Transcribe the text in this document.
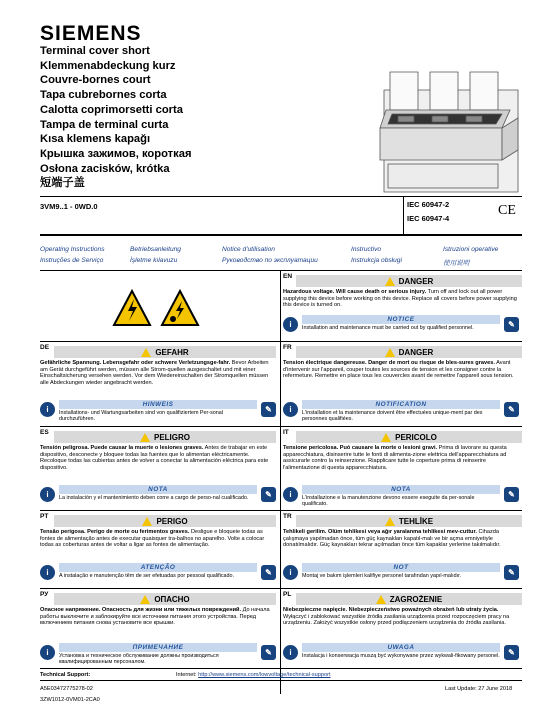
SIEMENS
Terminal cover short
Klemmenabdeckung kurz
Couvre-bornes court
Tapa cubrebornes corta
Calotta coprimorsetti corta
Tampa de terminal curta
Kısa klemens kapağı
Крышка зажимов, короткая
Osłona zacisków, krótka
短端子盖
3VM9..1 - 0WD.0	IEC 60947-2
IEC 60947-4
CE
Operating Instructions	Betriebsanleitung	Notice d'utilisation	Instructivo	Istruzioni operative
Instruções de Serviço	İşletme kılavuzu	Руководство по эксплуатации	Instrukcja obsługi	使用说明
EN	DANGER
Hazardous voltage. Will cause death or serious injury. Turn off and lock out all power supplying this device before working on this device. Replace all covers before power supplying this device is turned on.
i
NOTICE
Installation and maintenance must be carried out by qualified personnel.	✎
DE	GEFAHR
Gefährliche Spannung. Lebensgefahr oder schwere Verletzungsge-fahr. Bevor Arbeiten am Gerät durchgeführt werden, müssen alle Strom-quellen ausgeschaltet und mit einer Einschaltsicherung versehen werden. Vor dem Wiedereinschalten der Stromquellen müssen alle Abdeckungen wieder angebracht werden.
i
HINWEIS
Installations- und Wartungsarbeiten sind von qualifiziertem Per-sonal durchzuführen.
✎
FR	DANGER
Tension électrique dangereuse. Danger de mort ou risque de bles-sures graves. Avant d'intervenir sur l'appareil, couper toutes les sources de tension et les consigner contre la refermeture. Remettre en place tous les couvercles avant de remettre l'appareil sous tension.
i
NOTIFICATION
L'installation et la maintenance doivent être effectuées unique-ment par des personnes qualifiées.
✎
ES	PELIGRO
Tensión peligrosa. Puede causar la muerte o lesiones graves. Antes de trabajar en este dispositivo, desconecte y bloquee todas las fuentes que lo alimentan eléctricamente. Recoloque todas las cubiertas antes de volver a conectar la alimentación eléctrica para este dispositivo.
i
NOTA
La instalación y el mantenimiento deben corre a cargo de perso-nal cualificado.	✎
IT	PERICOLO
Tensione pericolosa. Può causare la morte o lesioni gravi. Prima di lavorare su questa apparecchiatura, disinserire tutte le fonti di alimenta-zione elettrica dell'apparecchiatura ad assicurarle contro la reinserzione. Riapplicare tutte le coperture prima di reinserire l'alimentazione di questa apparecchiatura.
i
NOTA
L'installazione e la manutenzione devono essere eseguite da per-sonale qualificato.
✎
PT	PERIGO
Tensão perigosa. Perigo de morte ou ferimentos graves. Desligue e bloqueie todas as fontes de alimentação antes de executar quaisquer tra-balhos no aparelho. Volte a colocar todas as coberturas antes de voltar a ligar as fontes de alimentação.
i
ATENÇÃO
A instalação e manutenção têm de ser efetuadas por pessoal qualificado.	✎
TR	TEHLİKE
Tehlikeli gerilim. Ölüm tehlikesi veya ağır yaralanma tehlikesi mev-cuttur. Cihazda çalışmaya yapılmadan önce, tüm güç kaynakları kapatıl-malı ve bir açma emniyetiyle donatılmalıdır. Güç kaynakları tekrar açılmadan önce tüm kapaklar yerlerine takılmalıdır.
i
NOT
Montaj ve bakım işlemleri kalifiye personel tarafından yapıl-malıdır.	✎
РУ	ОПАСНО
Опасное напряжение. Опасность для жизни или тяжелых повреждений. До начала работы выключите и заблокируйте все источники питания этого устройства. Перед включением питания снова установите все крышки.
i
ПРИМЕЧАНИЕ
Установка и техническое обслуживание должны производиться квалифицированным персоналом.
✎
PL	ZAGROŻENIE
Niebezpieczne napięcie. Niebezpieczeństwo poważnych obrażeń lub utraty życia. Wyłączyć i zablokować wszystkie źródła zasilania urządzenia przed rozpoczęciem pracy na urządzeniu. Założyć wszystkie osłony przed podłączeniem urządzenia do źródła zasilania.
i
UWAGA
Instalacja i konserwacja muszą być wykonywane przez wykwali-fikowany personel.	✎
Technical Support:	Internet: http://www.siemens.com/lowvoltage/technical-support
A5E03472775278-02
3ZW1012-0VM01-2CA0
Last Update: 27 June 2018
